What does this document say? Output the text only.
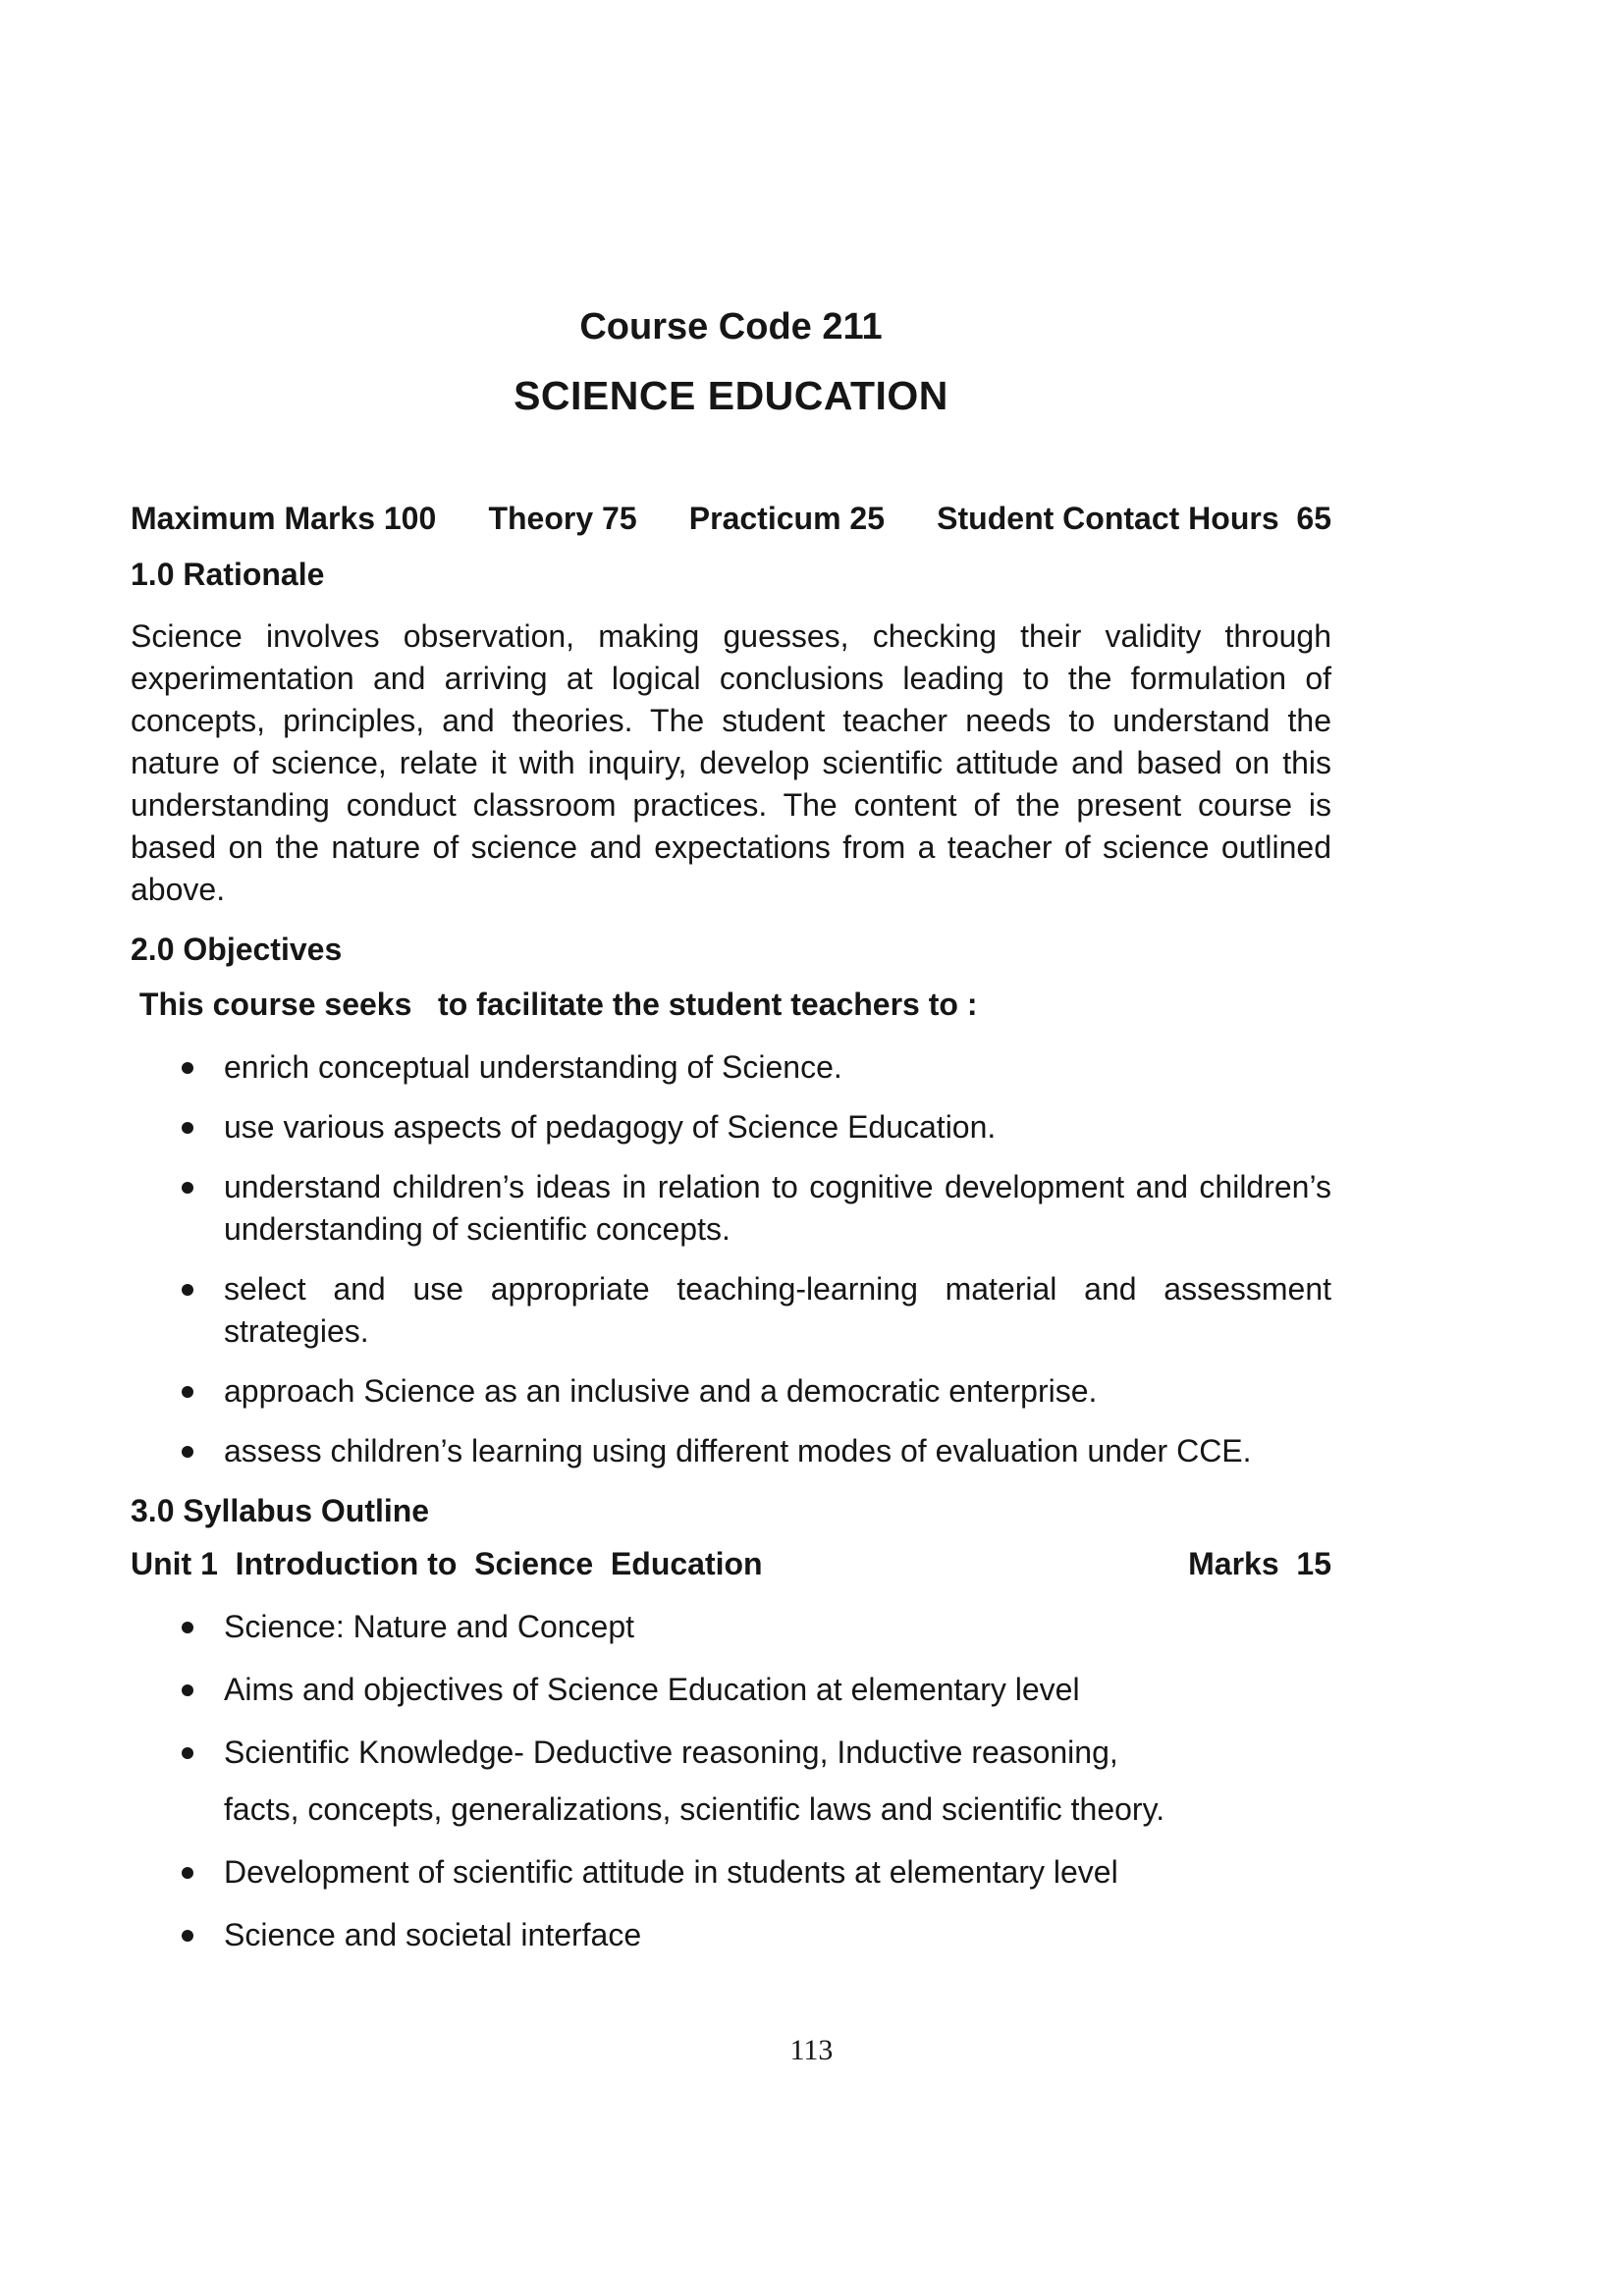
Course Code 211
SCIENCE EDUCATION
Maximum Marks 100 Theory 75 Practicum 25 Student Contact Hours  65
1.0 Rationale

Science involves observation, making guesses, checking their validity through experimentation and arriving at logical conclusions leading to the formulation of concepts, principles, and theories. The student teacher needs to understand the nature of science, relate it with inquiry, develop scientific attitude and based on this understanding conduct classroom practices. The content of the present course is based on the nature of science and expectations from a teacher of science outlined above.

2.0 Objectives
This course seeks   to facilitate the student teachers to :
enrich conceptual understanding of Science.
use various aspects of pedagogy of Science Education.
understand children’s ideas in relation to cognitive development and children’s understanding of scientific concepts.
select and use appropriate teaching-learning material and assessment strategies.
approach Science as an inclusive and a democratic enterprise.
assess children’s learning using different modes of evaluation under CCE.
3.0 Syllabus Outline
Unit 1  Introduction to  Science  Education	Marks  15
Science: Nature and Concept
Aims and objectives of Science Education at elementary level
Scientific Knowledge- Deductive reasoning, Inductive reasoning,
facts, concepts, generalizations, scientific laws and scientific theory.
Development of scientific attitude in students at elementary level
Science and societal interface
113
